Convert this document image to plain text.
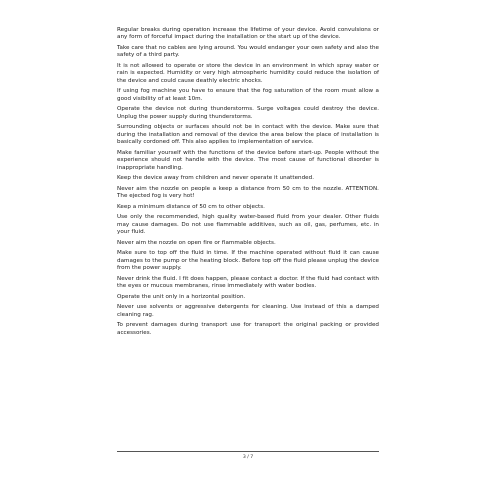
Regular breaks during operation increase the lifetime of your device. Avoid convulsions or any form of forceful impact during the installation or the start up of the device.

Take care that no cables are lying around. You would endanger your own safety and also the safety of a third party.

It is not allowed to operate or store the device in an environment in which spray water or rain is expected. Humidity or very high atmospheric humidity could reduce the isolation of the device and could cause deathly electric shocks.

If using fog machine you have to ensure that the fog saturation of the room must allow a good visibility of at least 10m.

Operate the device not during thunderstorms. Surge voltages could destroy the device. Unplug the power supply during thunderstorms.

Surrounding objects or surfaces should not be in contact with the device. Make sure that during the installation and removal of the device the area below the place of installation is basically cordoned off. This also applies to implementation of service.

Make familiar yourself with the functions of the device before start-up. People without the experience should not handle with the device. The most cause of functional disorder is inappropriate handling.

Keep the device away from children and never operate it unattended.

Never aim the nozzle on people a keep a distance from 50 cm to the nozzle. ATTENTION. The ejected fog is very hot!

Keep a minimum distance of 50 cm to other objects.

Use only the recommended, high quality water-based fluid from your dealer. Other fluids may cause damages. Do not use flammable additives, such as oil, gas, perfumes, etc. in your fluid.

Never aim the nozzle on open fire or flammable objects.

Make sure to top off the fluid in time. If the machine operated without fluid it can cause damages to the pump or the heating block. Before top off the fluid please unplug the device from the power supply.

Never drink the fluid. I fit does happen, please contact a doctor. If the fluid had contact with the eyes or mucous membranes, rinse immediately with water bodies.

Operate the unit only in a horizontal position.

Never use solvents or aggressive detergents for cleaning. Use instead of this a damped cleaning rag.

To prevent damages during transport use for transport the original packing or provided accessories.

3 / 7
